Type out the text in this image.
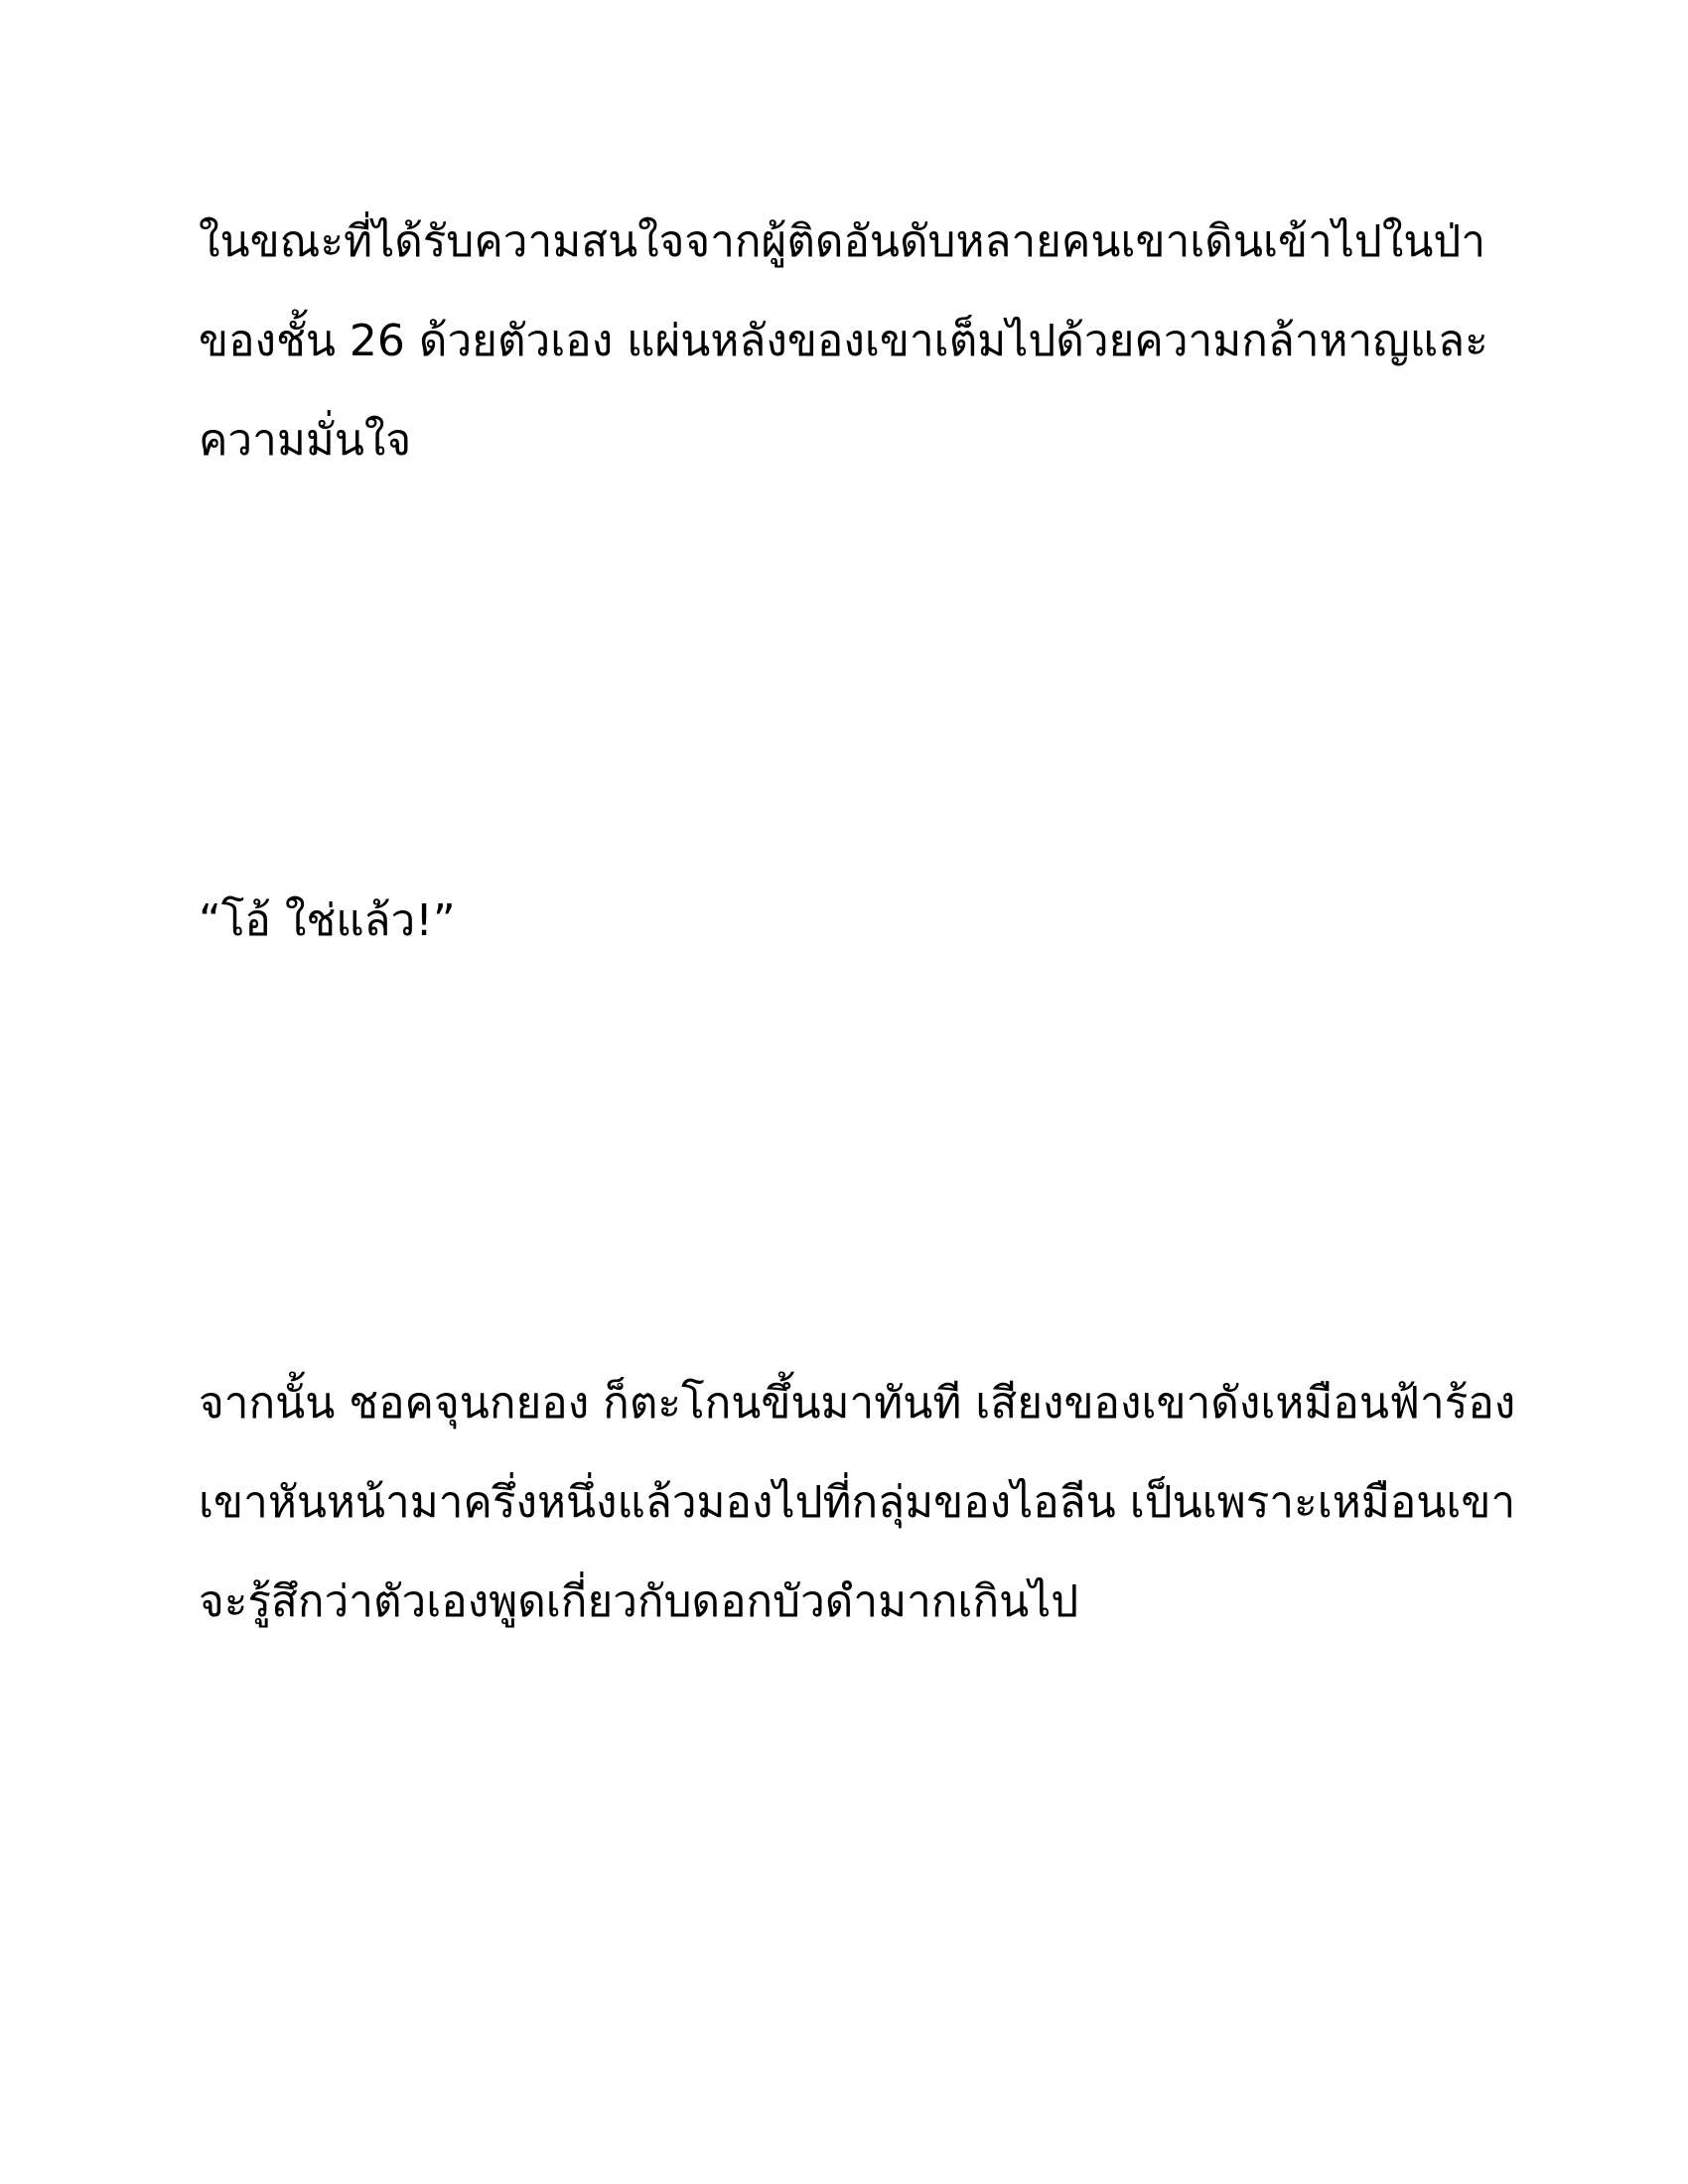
ในขณะที่ได้รับความสนใจจากผู้ติดอันดับหลายคนเขาเดินเข้าไปในป่า

ของชั้น 26 ด้วยตัวเอง แผ่นหลังของเขาเต็มไปด้วยความกล้าหาญและ

ความมั่นใจ

“โอ้ ใช่แล้ว!”

จากนั้น ชอคจุนกยอง ก็ตะโกนขึ้นมาทันที เสียงของเขาดังเหมือนฟ้าร้อง

เขาหันหน้ามาครึ่งหนึ่งแล้วมองไปที่กลุ่มของไอลีน เป็นเพราะเหมือนเขา

จะรู้สึกว่าตัวเองพูดเกี่ยวกับดอกบัวดำมากเกินไป
